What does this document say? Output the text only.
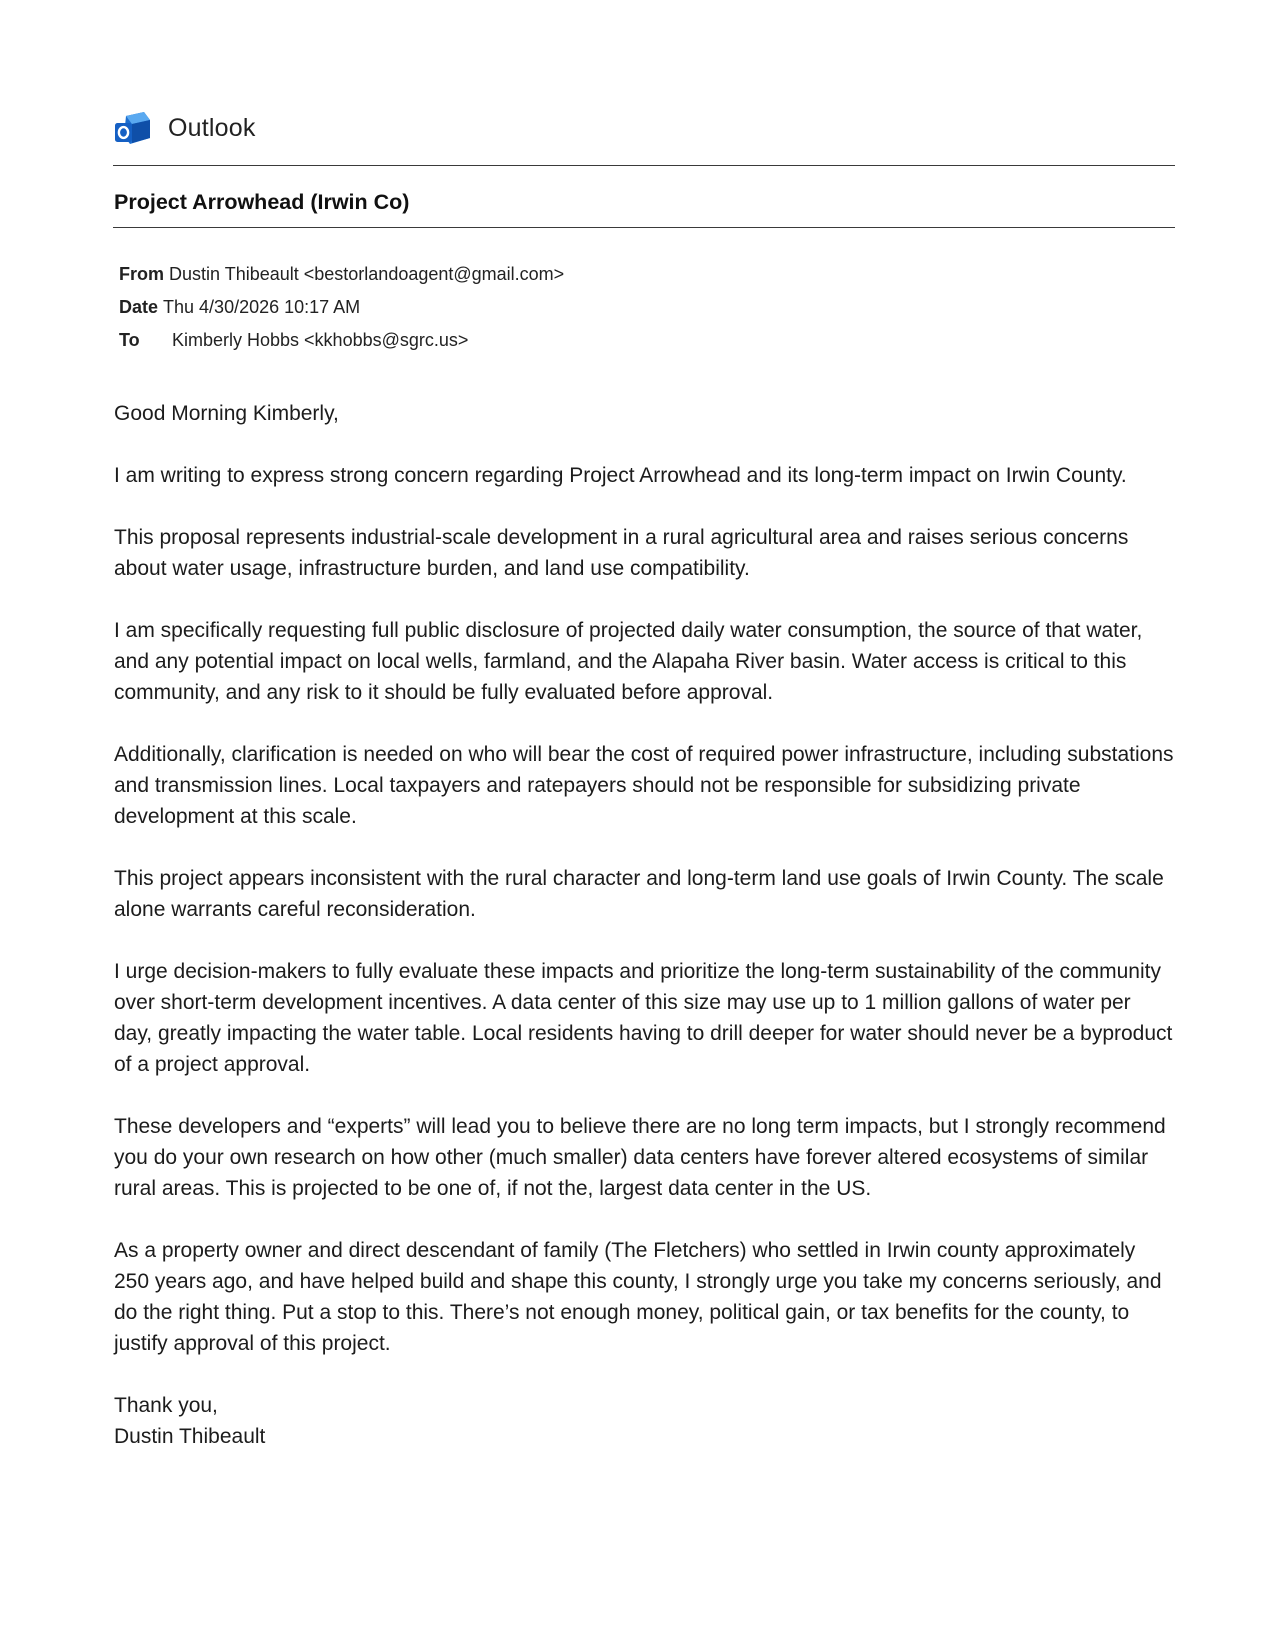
Outlook
Project Arrowhead (Irwin Co)
From Dustin Thibeault <bestorlandoagent@gmail.com>
Date Thu 4/30/2026 10:17 AM
To Kimberly Hobbs <kkhobbs@sgrc.us>

Good Morning Kimberly,

I am writing to express strong concern regarding Project Arrowhead and its long-term impact on Irwin County.

This proposal represents industrial-scale development in a rural agricultural area and raises serious concerns about water usage, infrastructure burden, and land use compatibility.

I am specifically requesting full public disclosure of projected daily water consumption, the source of that water, and any potential impact on local wells, farmland, and the Alapaha River basin. Water access is critical to this community, and any risk to it should be fully evaluated before approval.

Additionally, clarification is needed on who will bear the cost of required power infrastructure, including substations and transmission lines. Local taxpayers and ratepayers should not be responsible for subsidizing private development at this scale.

This project appears inconsistent with the rural character and long-term land use goals of Irwin County. The scale alone warrants careful reconsideration.

I urge decision-makers to fully evaluate these impacts and prioritize the long-term sustainability of the community over short-term development incentives. A data center of this size may use up to 1 million gallons of water per day, greatly impacting the water table. Local residents having to drill deeper for water should never be a byproduct of a project approval.

These developers and “experts” will lead you to believe there are no long term impacts, but I strongly recommend you do your own research on how other (much smaller) data centers have forever altered ecosystems of similar rural areas. This is projected to be one of, if not the, largest data center in the US.

As a property owner and direct descendant of family (The Fletchers) who settled in Irwin county approximately 250 years ago, and have helped build and shape this county, I strongly urge you take my concerns seriously, and do the right thing. Put a stop to this. There’s not enough money, political gain, or tax benefits for the county, to justify approval of this project.

Thank you,
Dustin Thibeault
